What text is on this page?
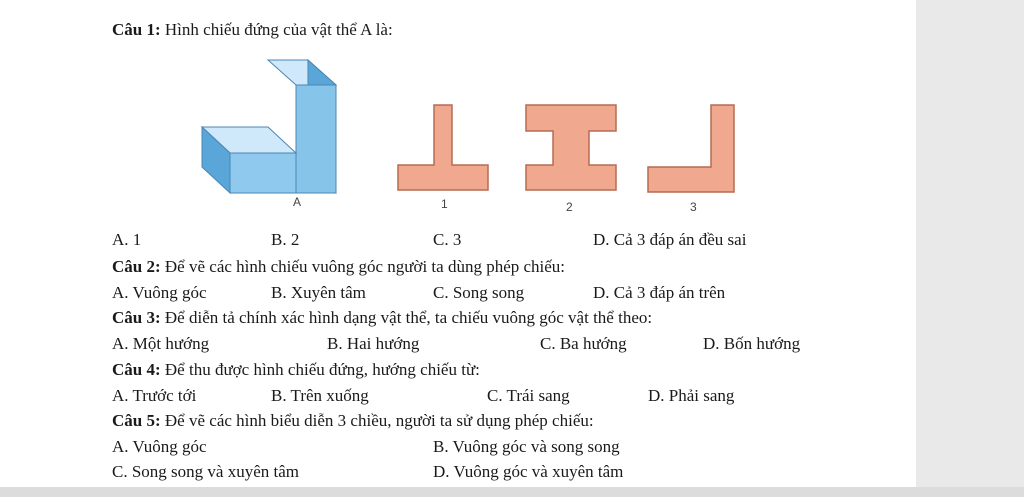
Câu 1: Hình chiếu đứng của vật thể A là:
A	1	2	3
A. 1	B. 2	C. 3	D. Cả 3 đáp án đều sai
Câu 2: Để vẽ các hình chiếu vuông góc người ta dùng phép chiếu:
A. Vuông góc	B. Xuyên tâm	C. Song song	D. Cả 3 đáp án trên
Câu 3: Để diễn tả chính xác hình dạng vật thể, ta chiếu vuông góc vật thể theo:
A. Một hướng	B. Hai hướng	C. Ba hướng	D. Bốn hướng
Câu 4: Để thu được hình chiếu đứng, hướng chiếu từ:
A. Trước tới	B. Trên xuống	C. Trái sang	D. Phải sang
Câu 5: Để vẽ các hình biểu diễn 3 chiều, người ta sử dụng phép chiếu:
A. Vuông góc	B. Vuông góc và song song
C. Song song và xuyên tâm	D. Vuông góc và xuyên tâm
